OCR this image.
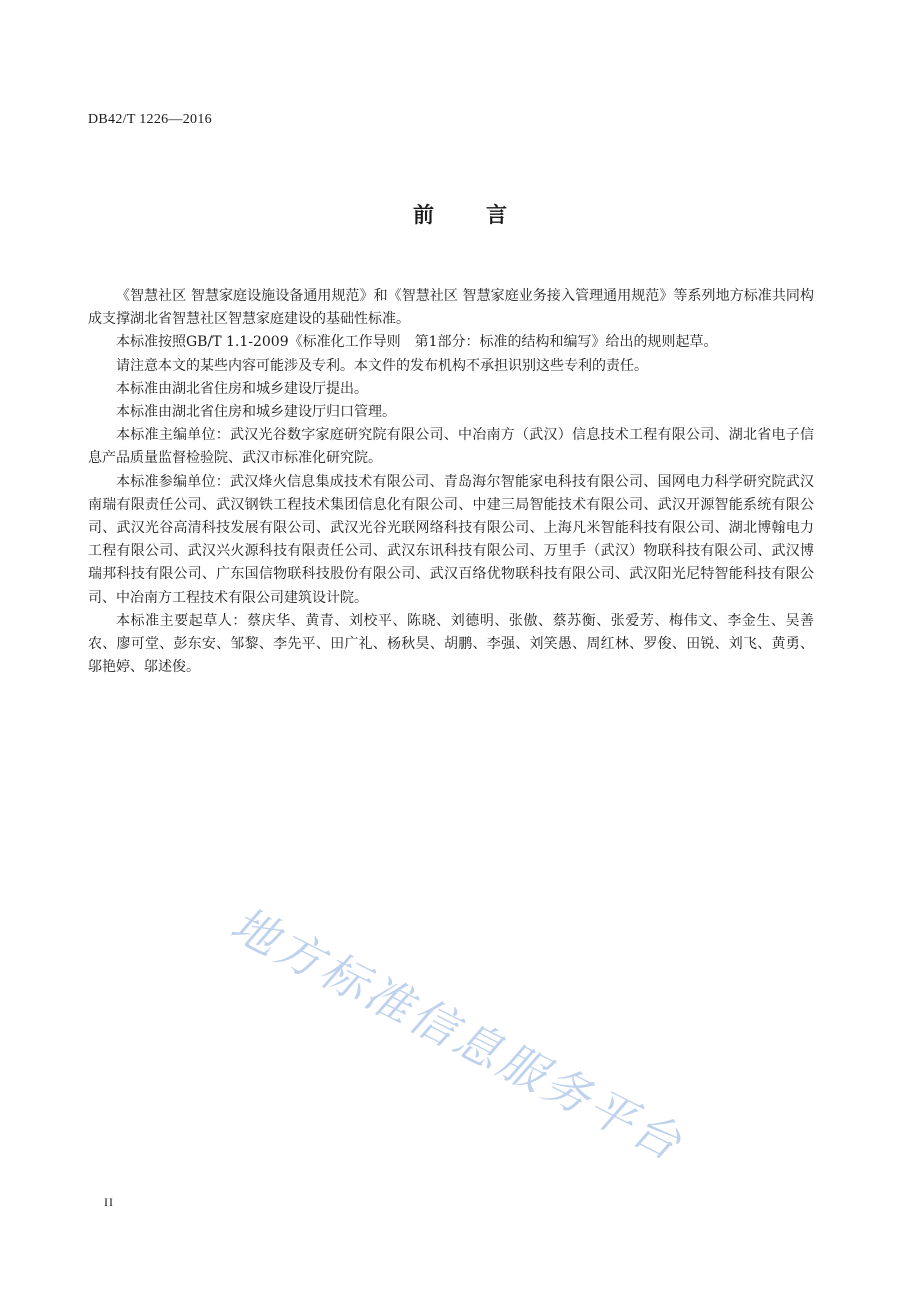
DB42/T 1226—2016
前 言

《智慧社区 智慧家庭设施设备通用规范》和《智慧社区 智慧家庭业务接入管理通用规范》等系列地方标准共同构成支撑湖北省智慧社区智慧家庭建设的基础性标准。

本标准按照GB/T 1.1-2009《标准化工作导则　第1部分：标准的结构和编写》给出的规则起草。

请注意本文的某些内容可能涉及专利。本文件的发布机构不承担识别这些专利的责任。

本标准由湖北省住房和城乡建设厅提出。

本标准由湖北省住房和城乡建设厅归口管理。

本标准主编单位：武汉光谷数字家庭研究院有限公司、中冶南方（武汉）信息技术工程有限公司、湖北省电子信息产品质量监督检验院、武汉市标准化研究院。

本标准参编单位：武汉烽火信息集成技术有限公司、青岛海尔智能家电科技有限公司、国网电力科学研究院武汉南瑞有限责任公司、武汉钢铁工程技术集团信息化有限公司、中建三局智能技术有限公司、武汉开源智能系统有限公司、武汉光谷高清科技发展有限公司、武汉光谷光联网络科技有限公司、上海凡米智能科技有限公司、湖北博翰电力工程有限公司、武汉兴火源科技有限责任公司、武汉东讯科技有限公司、万里手（武汉）物联科技有限公司、武汉博瑞邦科技有限公司、广东国信物联科技股份有限公司、武汉百络优物联科技有限公司、武汉阳光尼特智能科技有限公司、中冶南方工程技术有限公司建筑设计院。

本标准主要起草人：蔡庆华、黄青、刘校平、陈晓、刘德明、张傲、蔡苏衡、张爱芳、梅伟文、李金生、吴善农、廖可堂、彭东安、邹黎、李先平、田广礼、杨秋昊、胡鹏、李强、刘笑愚、周红林、罗俊、田锐、刘飞、黄勇、邬艳婷、邬述俊。

地方标准信息服务平台
II
